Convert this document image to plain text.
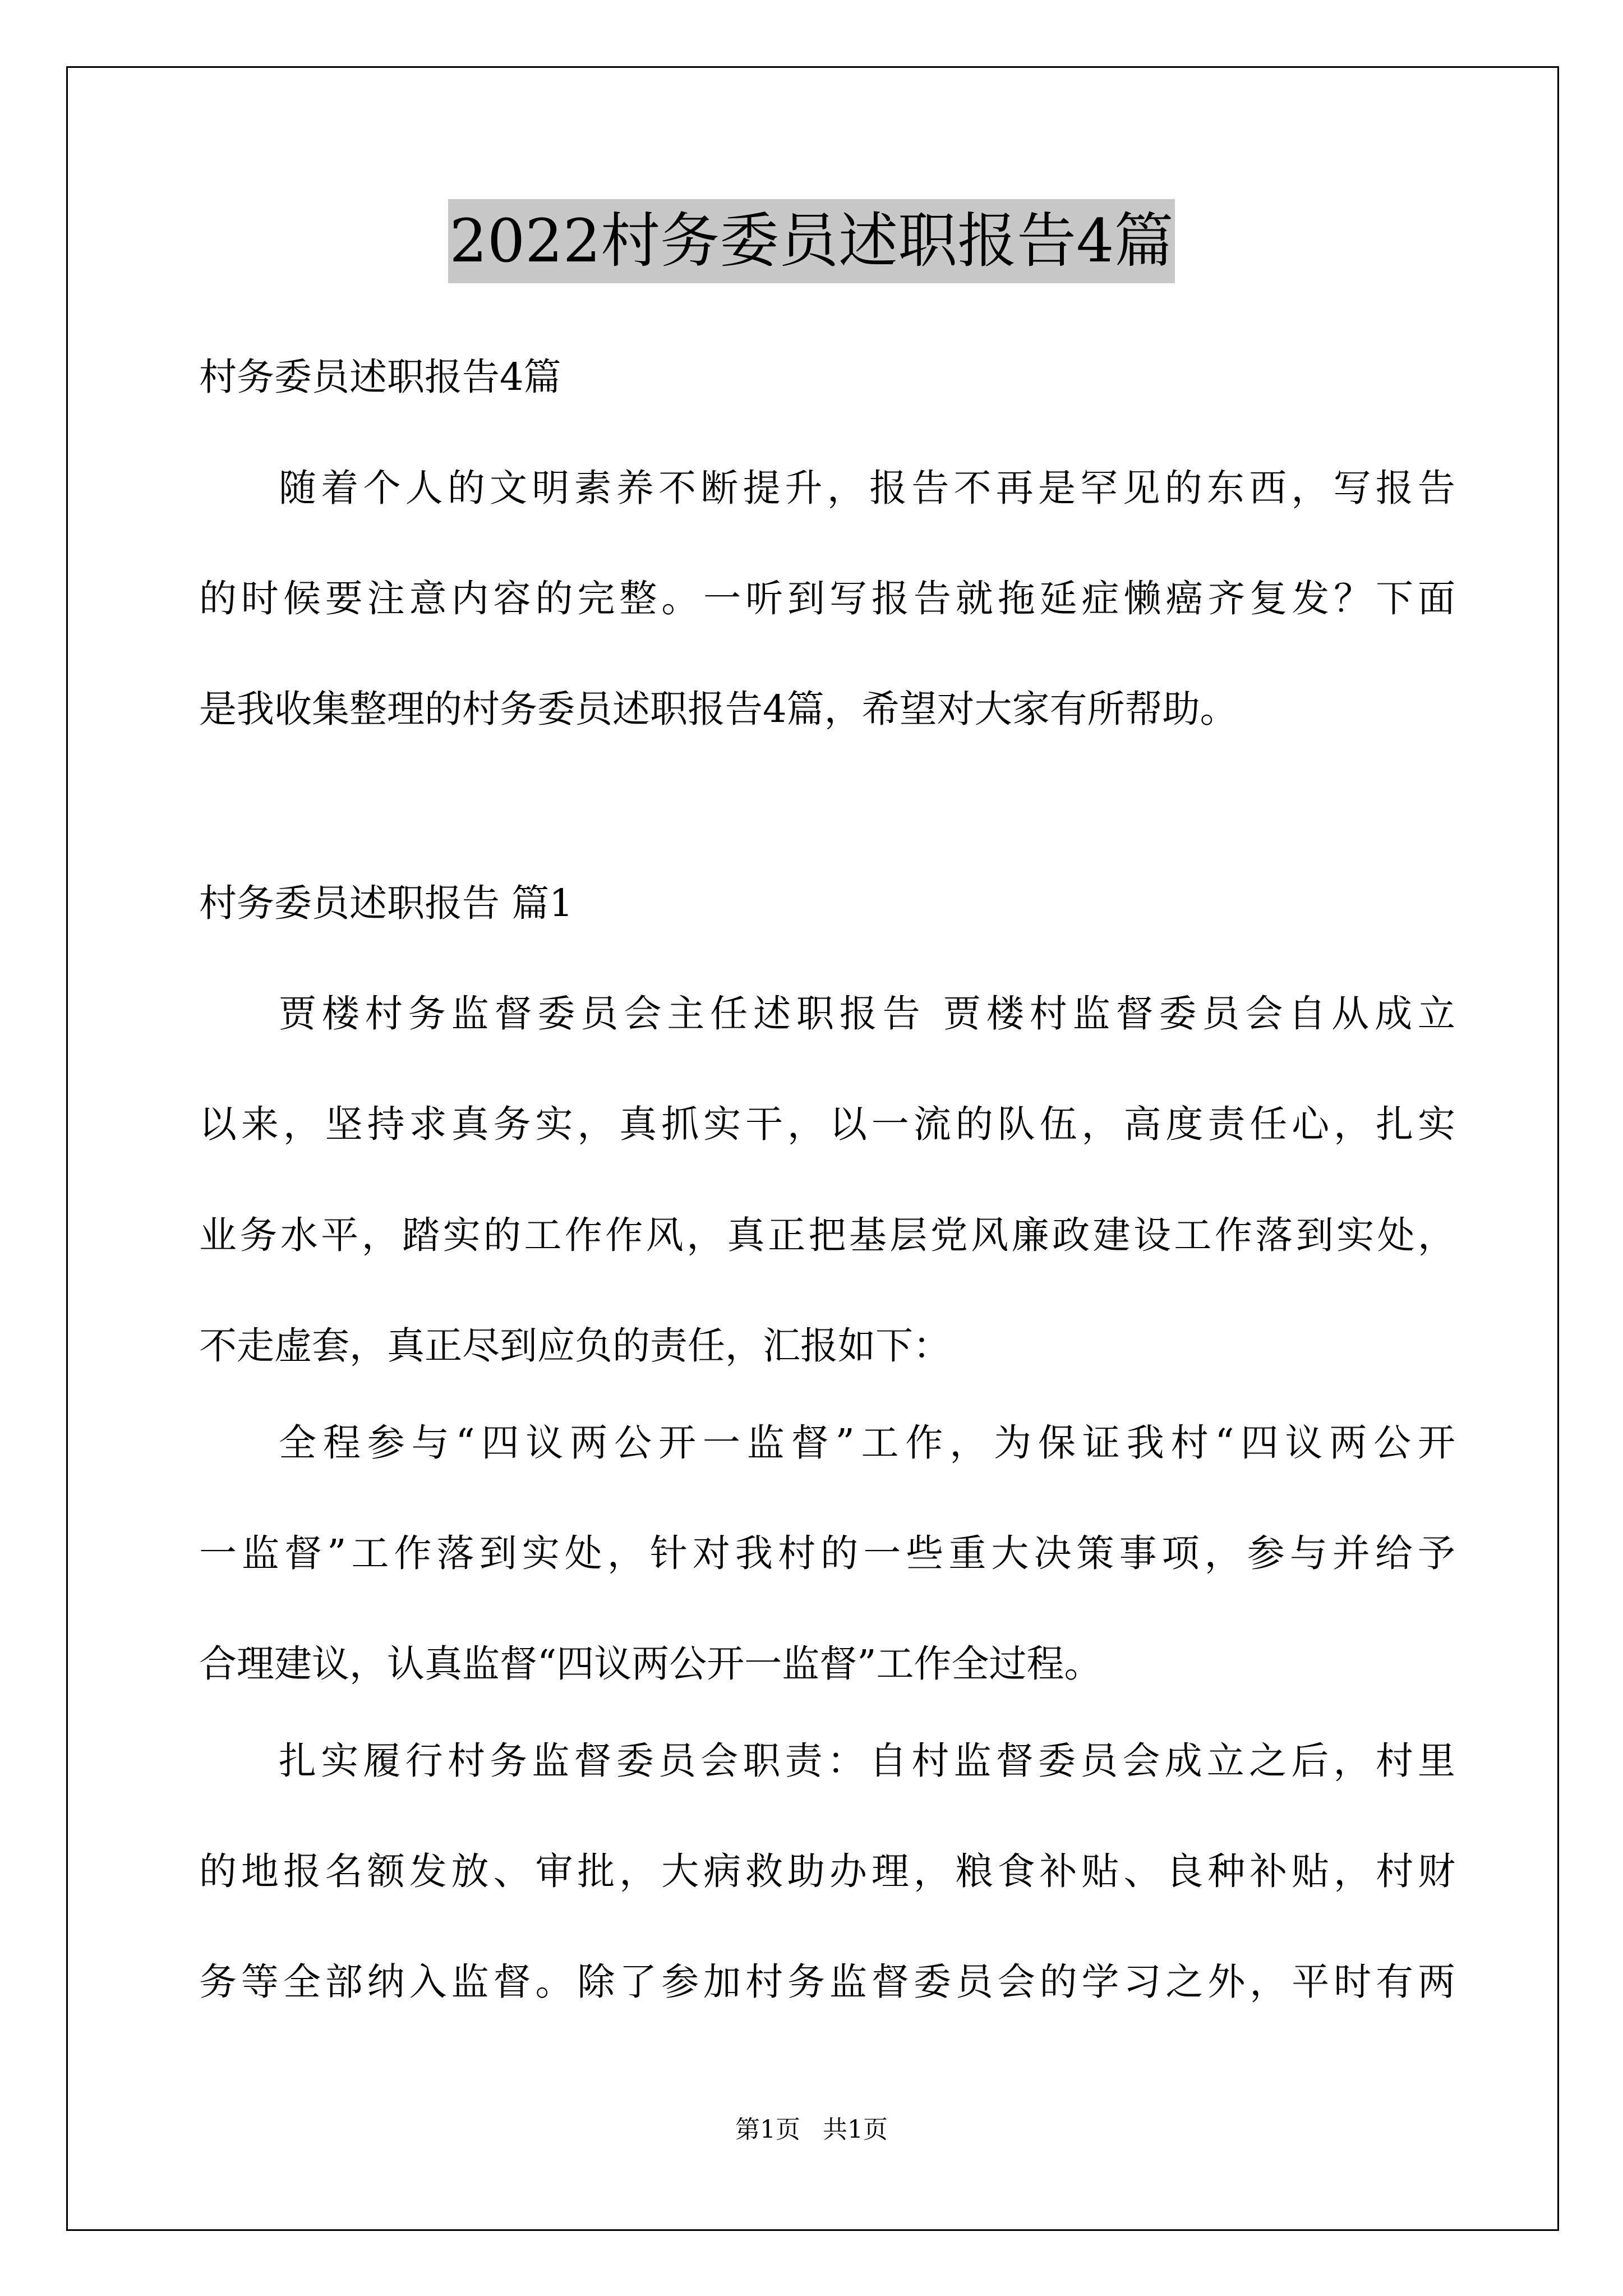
2022村务委员述职报告4篇
村务委员述职报告4篇
随着个人的文明素养不断提升，报告不再是罕见的东西，写报告
的时候要注意内容的完整。一听到写报告就拖延症懒癌齐复发？下面
是我收集整理的村务委员述职报告4篇，希望对大家有所帮助。
村务委员述职报告 篇1
贾楼村务监督委员会主任述职报告 贾楼村监督委员会自从成立
以来，坚持求真务实，真抓实干，以一流的队伍，高度责任心，扎实
业务水平，踏实的工作作风，真正把基层党风廉政建设工作落到实处，
不走虚套，真正尽到应负的责任，汇报如下：
全程参与“四议两公开一监督”工作，为保证我村“四议两公开
一监督”工作落到实处，针对我村的一些重大决策事项，参与并给予
合理建议，认真监督“四议两公开一监督”工作全过程。
扎实履行村务监督委员会职责：自村监督委员会成立之后，村里
的地报名额发放、审批，大病救助办理，粮食补贴、良种补贴，村财
务等全部纳入监督。除了参加村务监督委员会的学习之外，平时有两
第1页 共1页
